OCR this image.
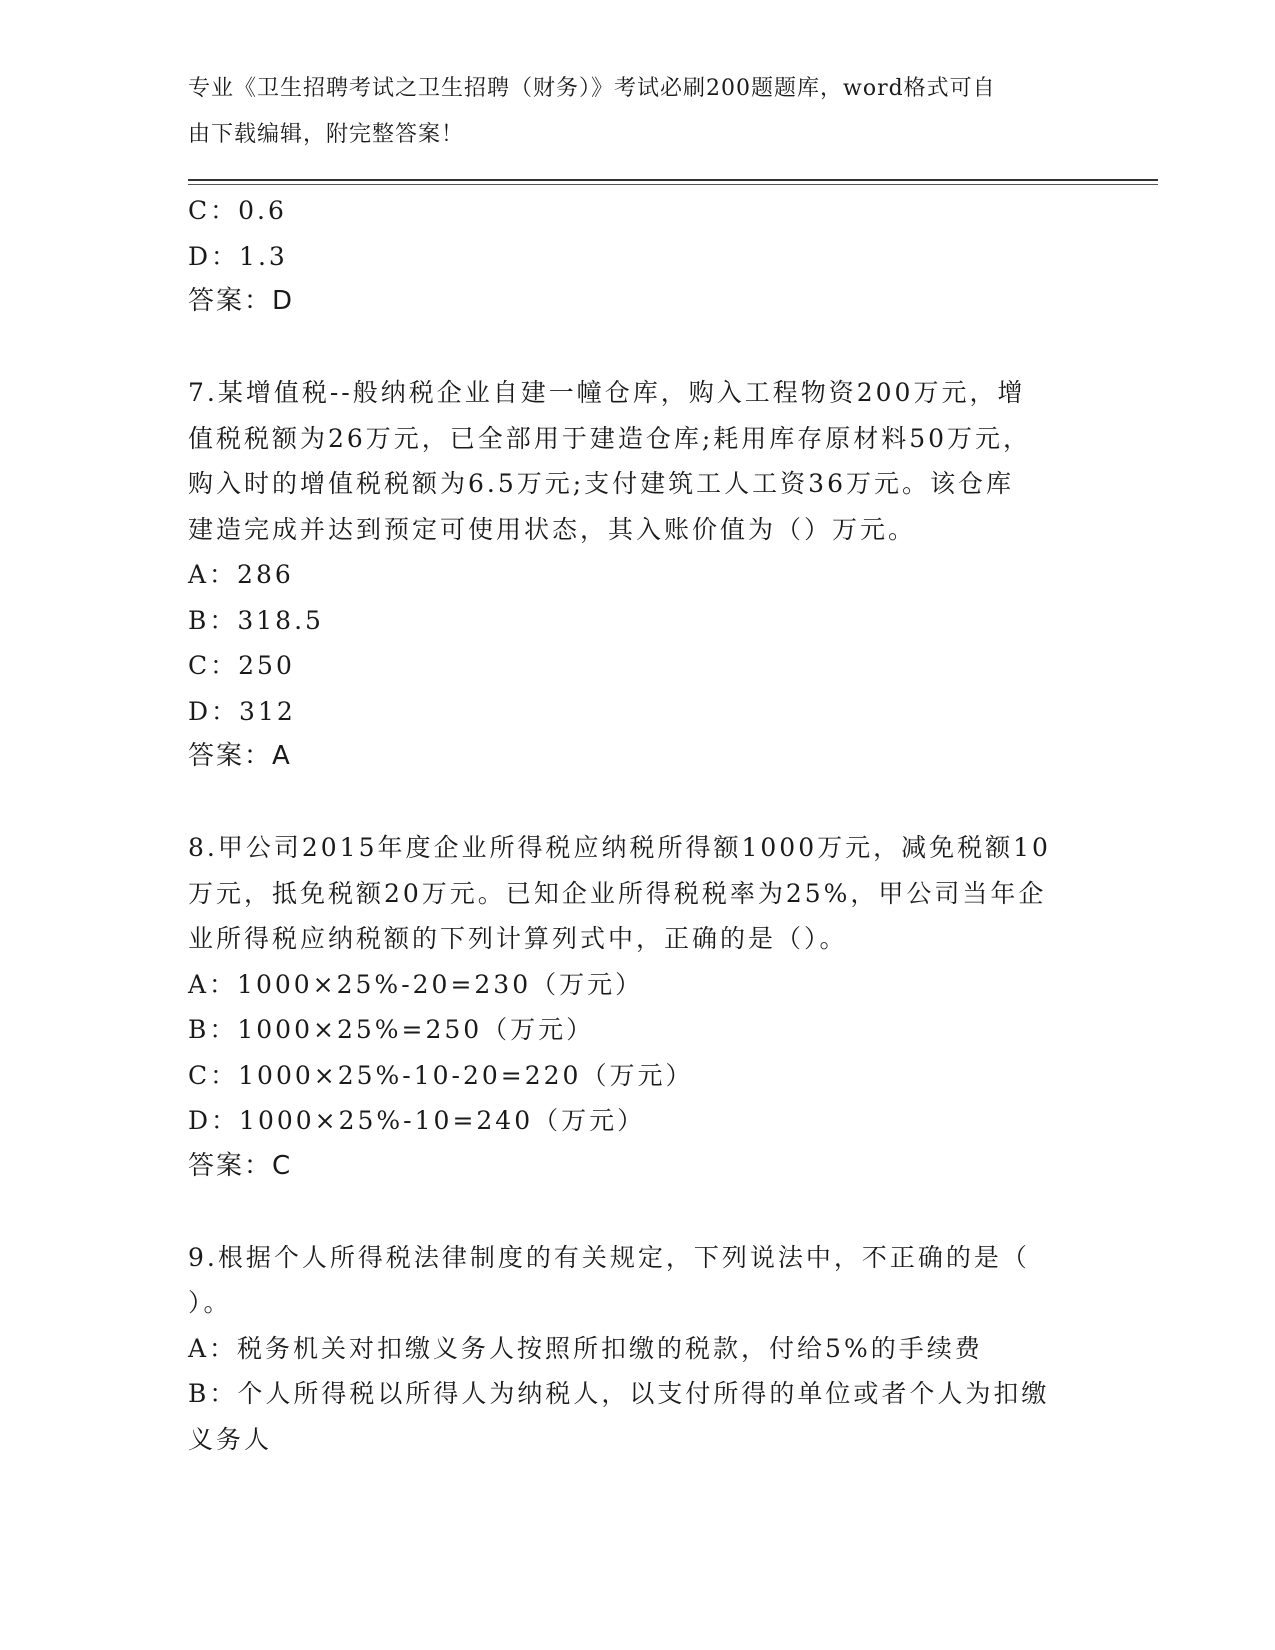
专业《卫生招聘考试之卫生招聘（财务）》考试必刷200题题库，word格式可自
由下载编辑，附完整答案！
C：0.6
D：1.3
答案：D
7.某增值税--般纳税企业自建一幢仓库，购入工程物资200万元，增
值税税额为26万元，已全部用于建造仓库;耗用库存原材料50万元，
购入时的增值税税额为6.5万元;支付建筑工人工资36万元。该仓库
建造完成并达到预定可使用状态，其入账价值为（）万元。
A：286
B：318.5
C：250
D：312
答案：A
8.甲公司2015年度企业所得税应纳税所得额1000万元，减免税额10
万元，抵免税额20万元。已知企业所得税税率为25%，甲公司当年企
业所得税应纳税额的下列计算列式中，正确的是（）。
A：1000×25%-20=230（万元）
B：1000×25%=250（万元）
C：1000×25%-10-20=220（万元）
D：1000×25%-10=240（万元）
答案：C
9.根据个人所得税法律制度的有关规定，下列说法中，不正确的是（
）。
A：税务机关对扣缴义务人按照所扣缴的税款，付给5%的手续费
B：个人所得税以所得人为纳税人，以支付所得的单位或者个人为扣缴
义务人
